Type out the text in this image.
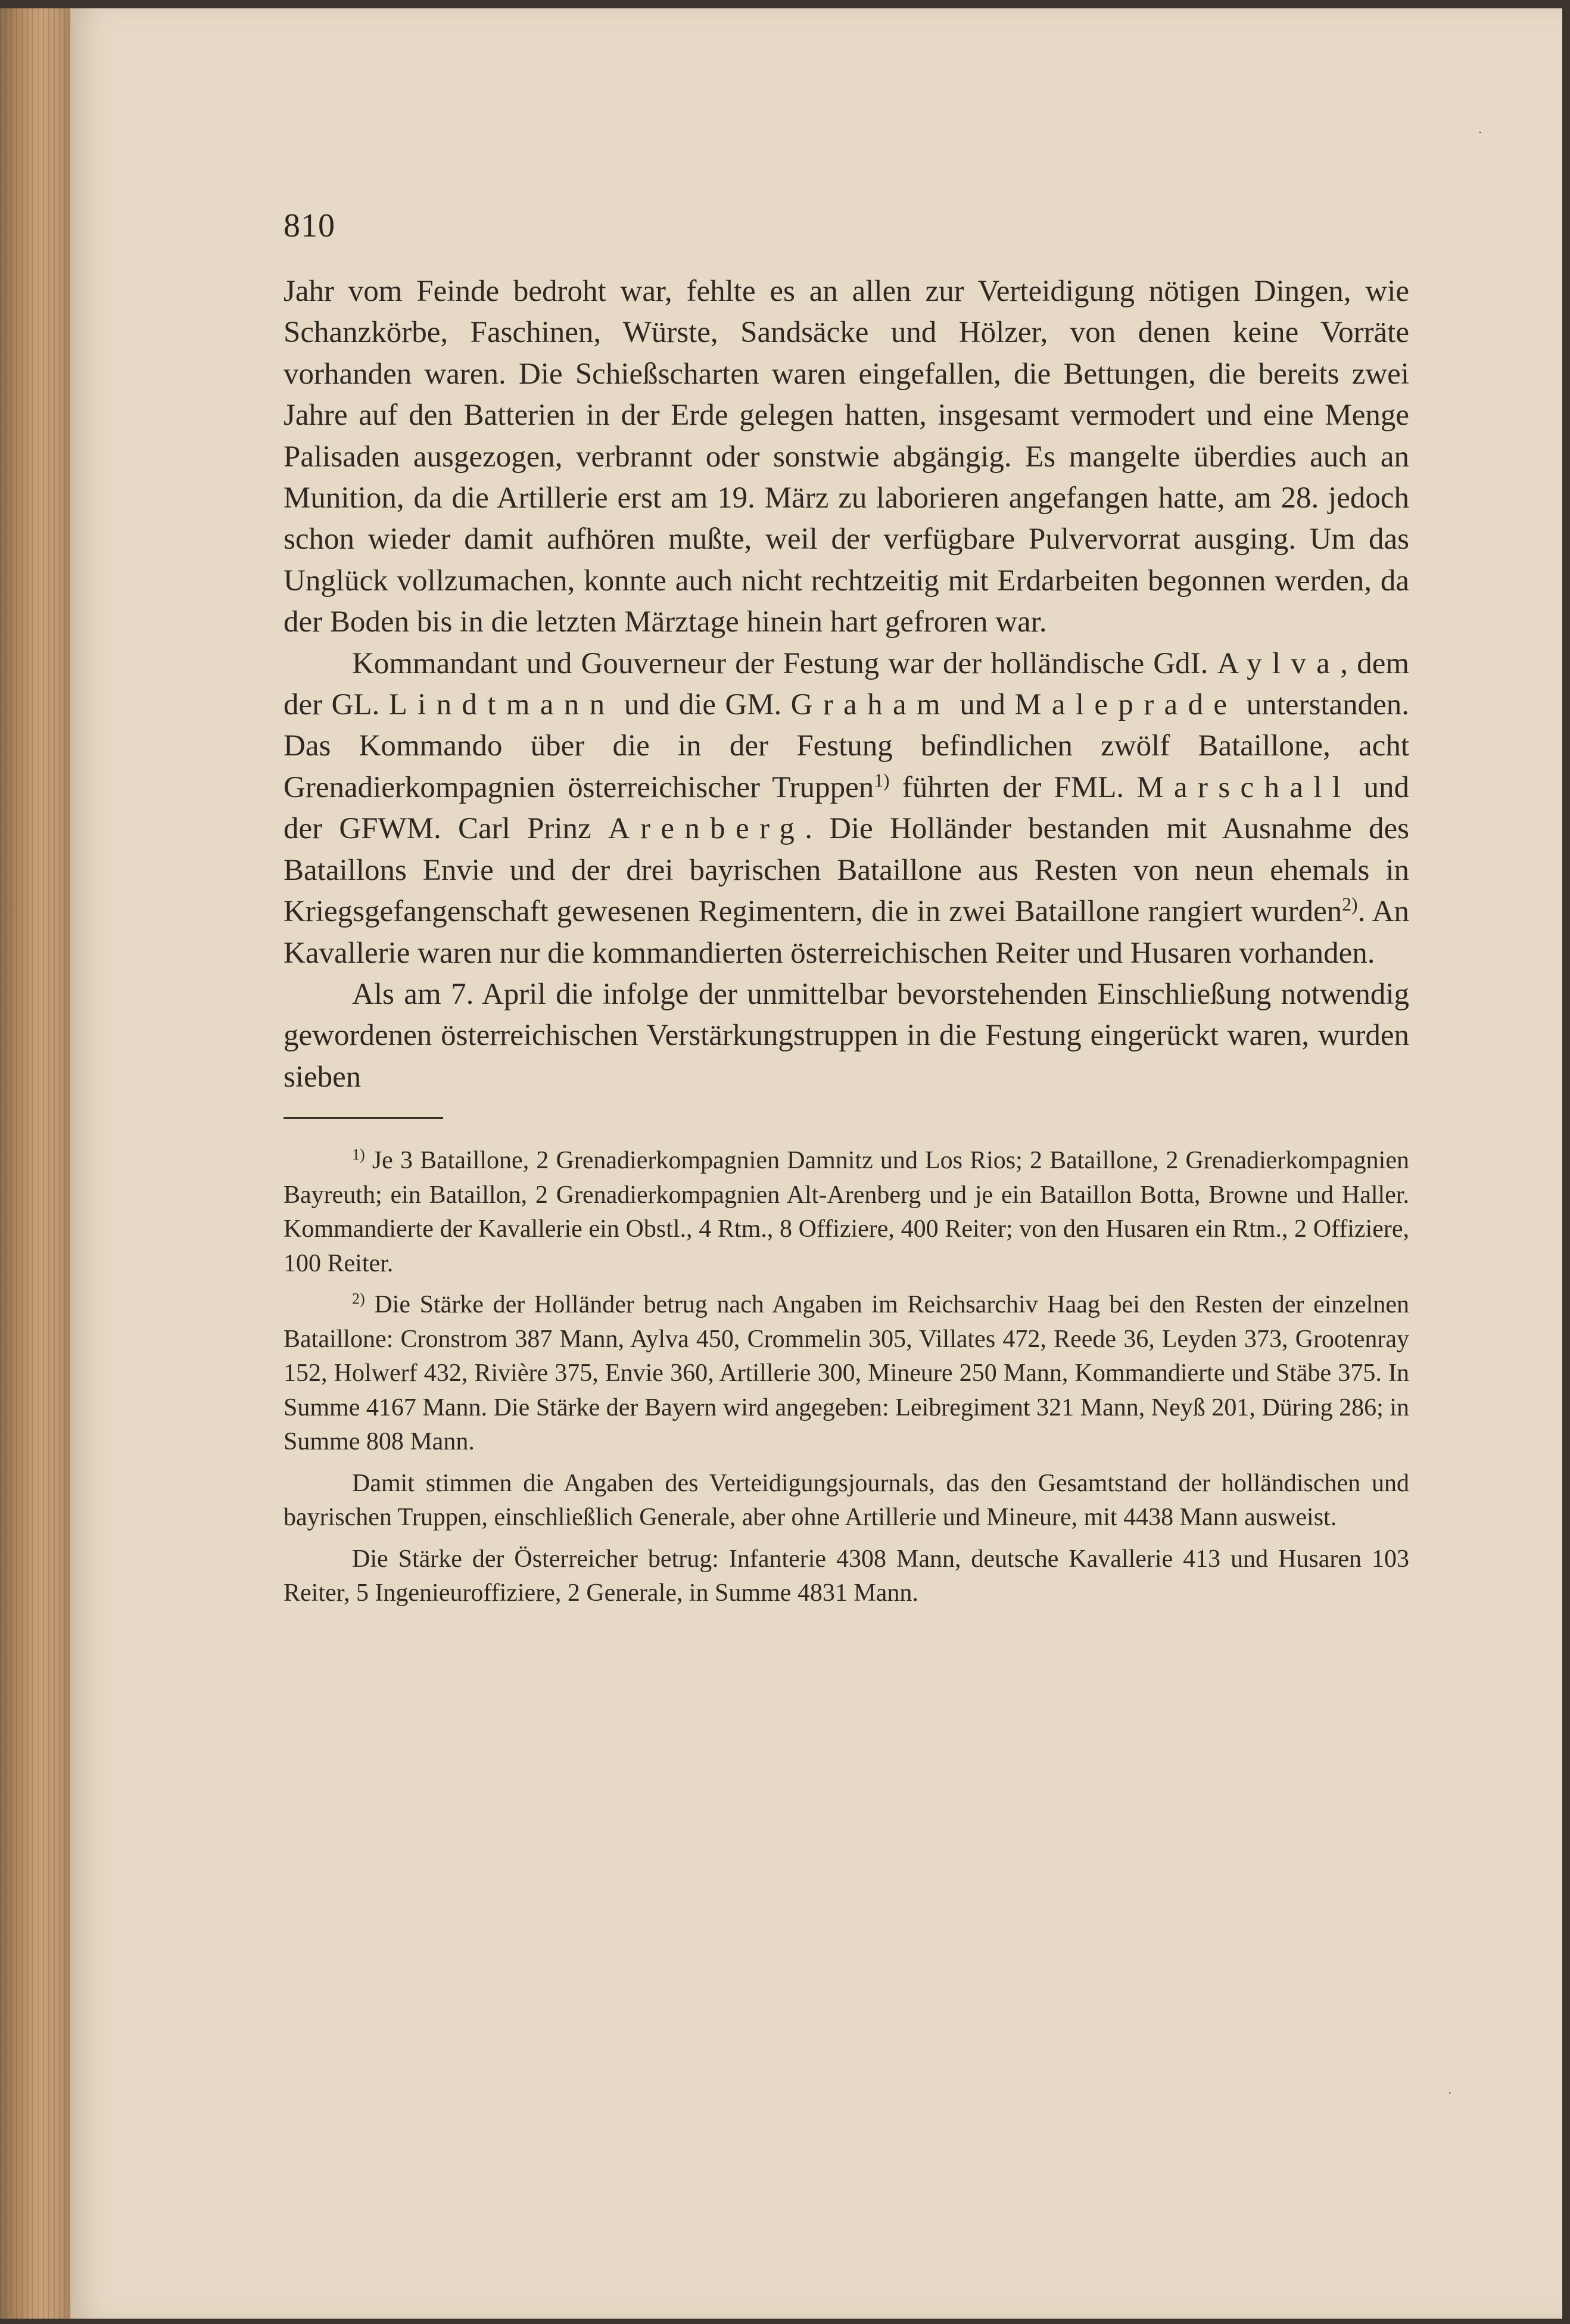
·
·
810

Jahr vom Feinde bedroht war, fehlte es an allen zur Verteidigung nötigen Dingen, wie Schanzkörbe, Faschinen, Würste, Sandsäcke und Hölzer, von denen keine Vorräte vorhanden waren. Die Schießscharten waren eingefallen, die Bettungen, die bereits zwei Jahre auf den Batterien in der Erde gelegen hatten, insgesamt vermodert und eine Menge Palisaden ausgezogen, verbrannt oder sonstwie abgängig. Es mangelte überdies auch an Munition, da die Artillerie erst am 19. März zu laborieren angefangen hatte, am 28. jedoch schon wieder damit aufhören mußte, weil der verfügbare Pulvervorrat ausging. Um das Unglück vollzumachen, konnte auch nicht rechtzeitig mit Erdarbeiten begonnen werden, da der Boden bis in die letzten Märztage hinein hart gefroren war.

Kommandant und Gouverneur der Festung war der holländische GdI. Aylva, dem der GL. Lindtmann und die GM. Graham und Maleprade unterstanden. Das Kommando über die in der Festung befindlichen zwölf Bataillone, acht Grenadierkompagnien österreichischer Truppen$^{1)}$ führten der FML. Marschall und der GFWM. Carl Prinz Arenberg. Die Holländer bestanden mit Ausnahme des Bataillons Envie und der drei bayrischen Bataillone aus Resten von neun ehemals in Kriegsgefangenschaft gewesenen Regimentern, die in zwei Bataillone rangiert wurden$^{2)}$. An Kavallerie waren nur die kommandierten österreichischen Reiter und Husaren vorhanden.

Als am 7. April die infolge der unmittelbar bevorstehenden Einschließung notwendig gewordenen österreichischen Verstärkungstruppen in die Festung eingerückt waren, wurden sieben

$^{1)}$ Je 3 Bataillone, 2 Grenadierkompagnien Damnitz und Los Rios; 2 Bataillone, 2 Grenadierkompagnien Bayreuth; ein Bataillon, 2 Grenadierkompagnien Alt-Arenberg und je ein Bataillon Botta, Browne und Haller. Kommandierte der Kavallerie ein Obstl., 4 Rtm., 8 Offiziere, 400 Reiter; von den Husaren ein Rtm., 2 Offiziere, 100 Reiter.

$^{2)}$ Die Stärke der Holländer betrug nach Angaben im Reichsarchiv Haag bei den Resten der einzelnen Bataillone: Cronstrom 387 Mann, Aylva 450, Crommelin 305, Villates 472, Reede 36, Leyden 373, Grootenray 152, Holwerf 432, Rivière 375, Envie 360, Artillerie 300, Mineure 250 Mann, Kommandierte und Stäbe 375. In Summe 4167 Mann. Die Stärke der Bayern wird angegeben: Leibregiment 321 Mann, Neyß 201, Düring 286; in Summe 808 Mann.

Damit stimmen die Angaben des Verteidigungsjournals, das den Gesamtstand der holländischen und bayrischen Truppen, einschließlich Generale, aber ohne Artillerie und Mineure, mit 4438 Mann ausweist.

Die Stärke der Österreicher betrug: Infanterie 4308 Mann, deutsche Kavallerie 413 und Husaren 103 Reiter, 5 Ingenieuroffiziere, 2 Generale, in Summe 4831 Mann.
